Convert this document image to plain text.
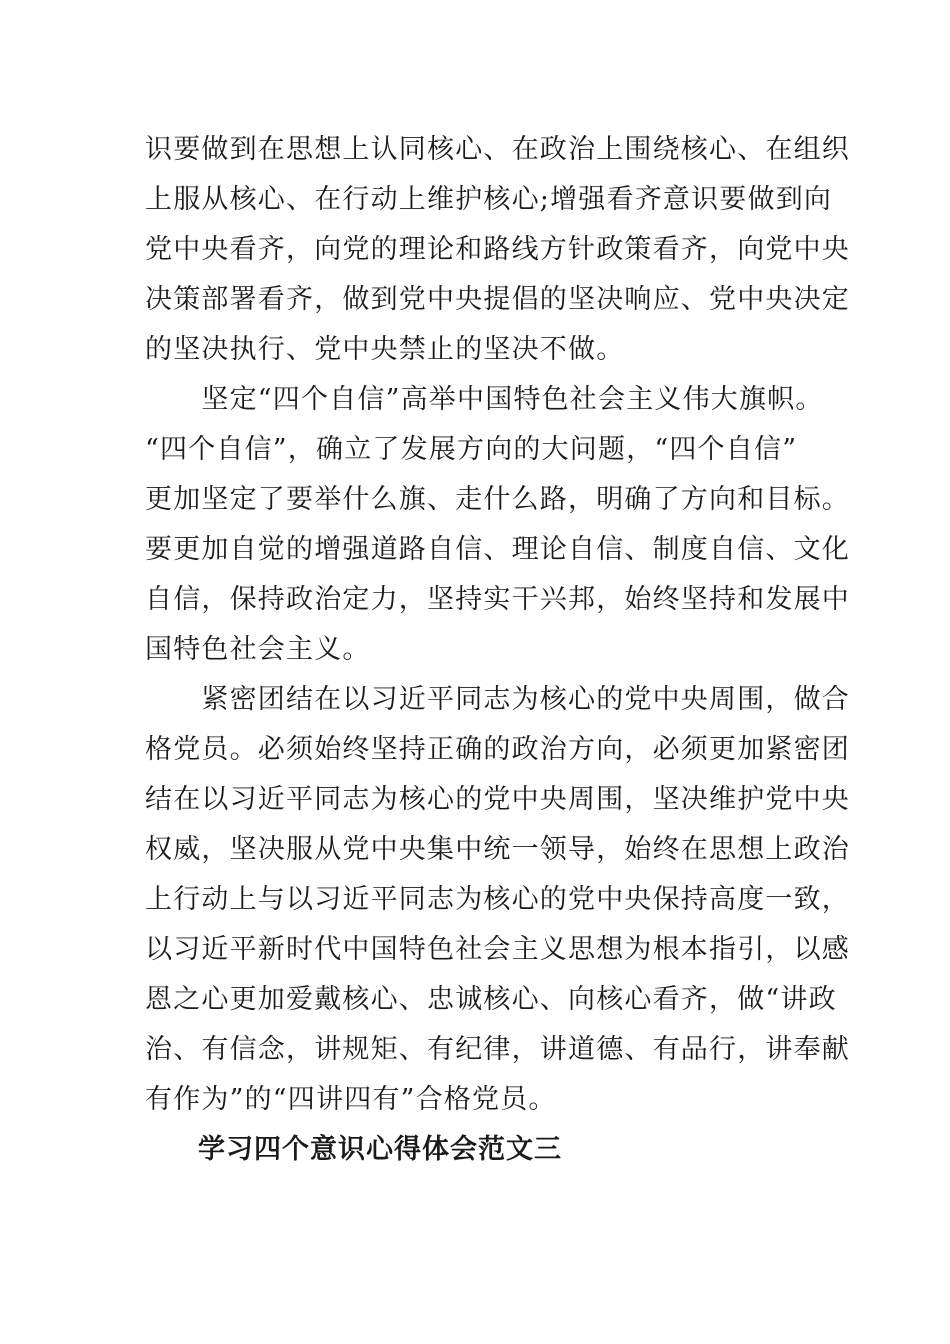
识要做到在思想上认同核心、在政治上围绕核心、在组织
上服从核心、在行动上维护核心;增强看齐意识要做到向
党中央看齐，向党的理论和路线方针政策看齐，向党中央
决策部署看齐，做到党中央提倡的坚决响应、党中央决定
的坚决执行、党中央禁止的坚决不做。
　　坚定“四个自信”高举中国特色社会主义伟大旗帜。
“四个自信”，确立了发展方向的大问题，“四个自信”
更加坚定了要举什么旗、走什么路，明确了方向和目标。
要更加自觉的增强道路自信、理论自信、制度自信、文化
自信，保持政治定力，坚持实干兴邦，始终坚持和发展中
国特色社会主义。
　　紧密团结在以习近平同志为核心的党中央周围，做合
格党员。必须始终坚持正确的政治方向，必须更加紧密团
结在以习近平同志为核心的党中央周围，坚决维护党中央
权威，坚决服从党中央集中统一领导，始终在思想上政治
上行动上与以习近平同志为核心的党中央保持高度一致，
以习近平新时代中国特色社会主义思想为根本指引，以感
恩之心更加爱戴核心、忠诚核心、向核心看齐，做“讲政
治、有信念，讲规矩、有纪律，讲道德、有品行，讲奉献
有作为”的“四讲四有”合格党员。
学习四个意识心得体会范文三
